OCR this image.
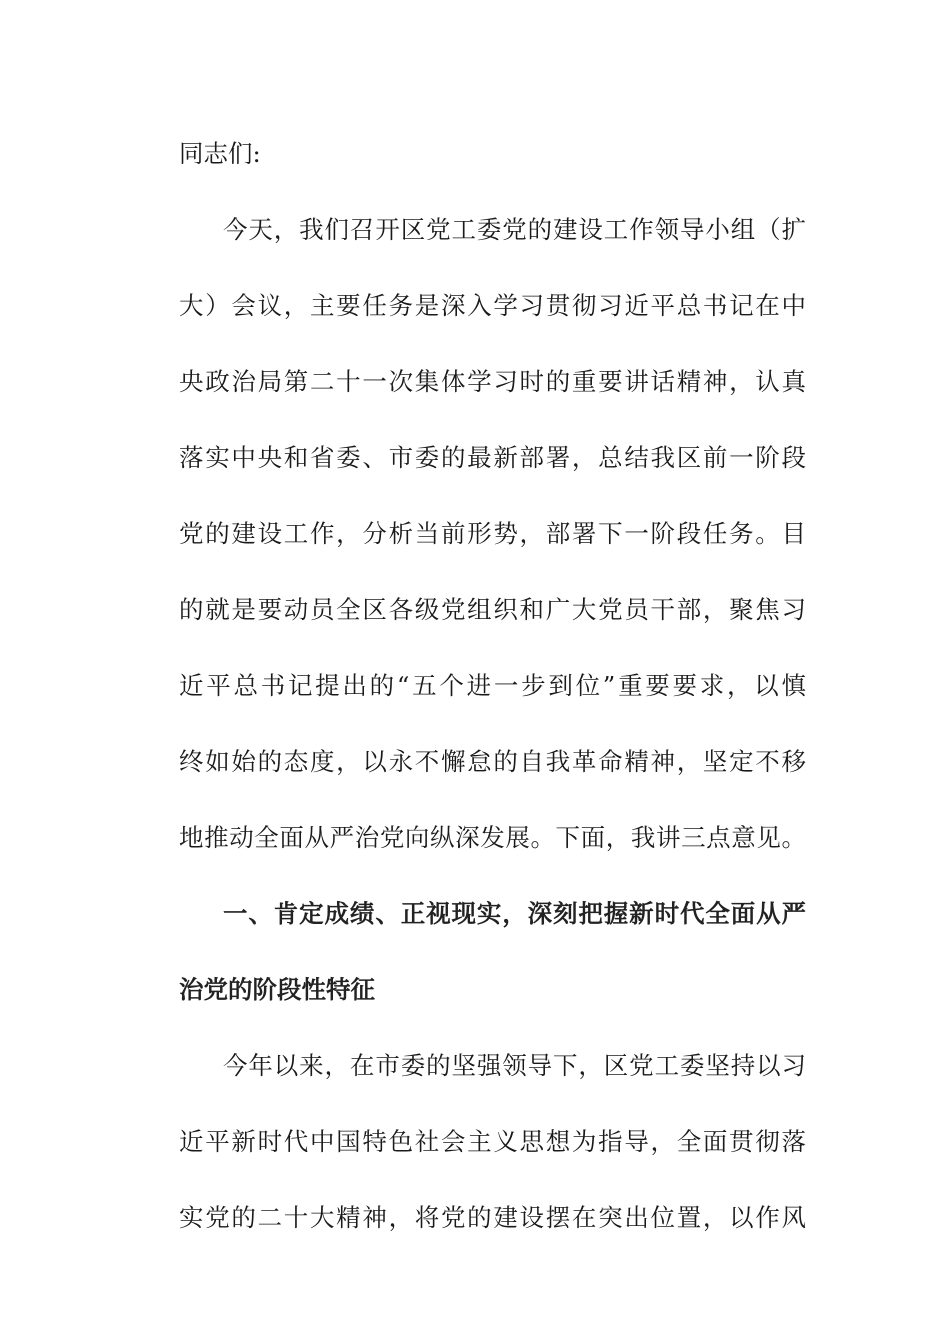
同志们:
今天，我们召开区党工委党的建设工作领导小组（扩
大）会议，主要任务是深入学习贯彻习近平总书记在中
央政治局第二十一次集体学习时的重要讲话精神，认真
落实中央和省委、市委的最新部署，总结我区前一阶段
党的建设工作，分析当前形势，部署下一阶段任务。目
的就是要动员全区各级党组织和广大党员干部，聚焦习
近平总书记提出的“五个进一步到位”重要要求，以慎
终如始的态度，以永不懈怠的自我革命精神，坚定不移
地推动全面从严治党向纵深发展。下面，我讲三点意见。
一、肯定成绩、正视现实，深刻把握新时代全面从严
治党的阶段性特征
今年以来，在市委的坚强领导下，区党工委坚持以习
近平新时代中国特色社会主义思想为指导，全面贯彻落
实党的二十大精神，将党的建设摆在突出位置，以作风
